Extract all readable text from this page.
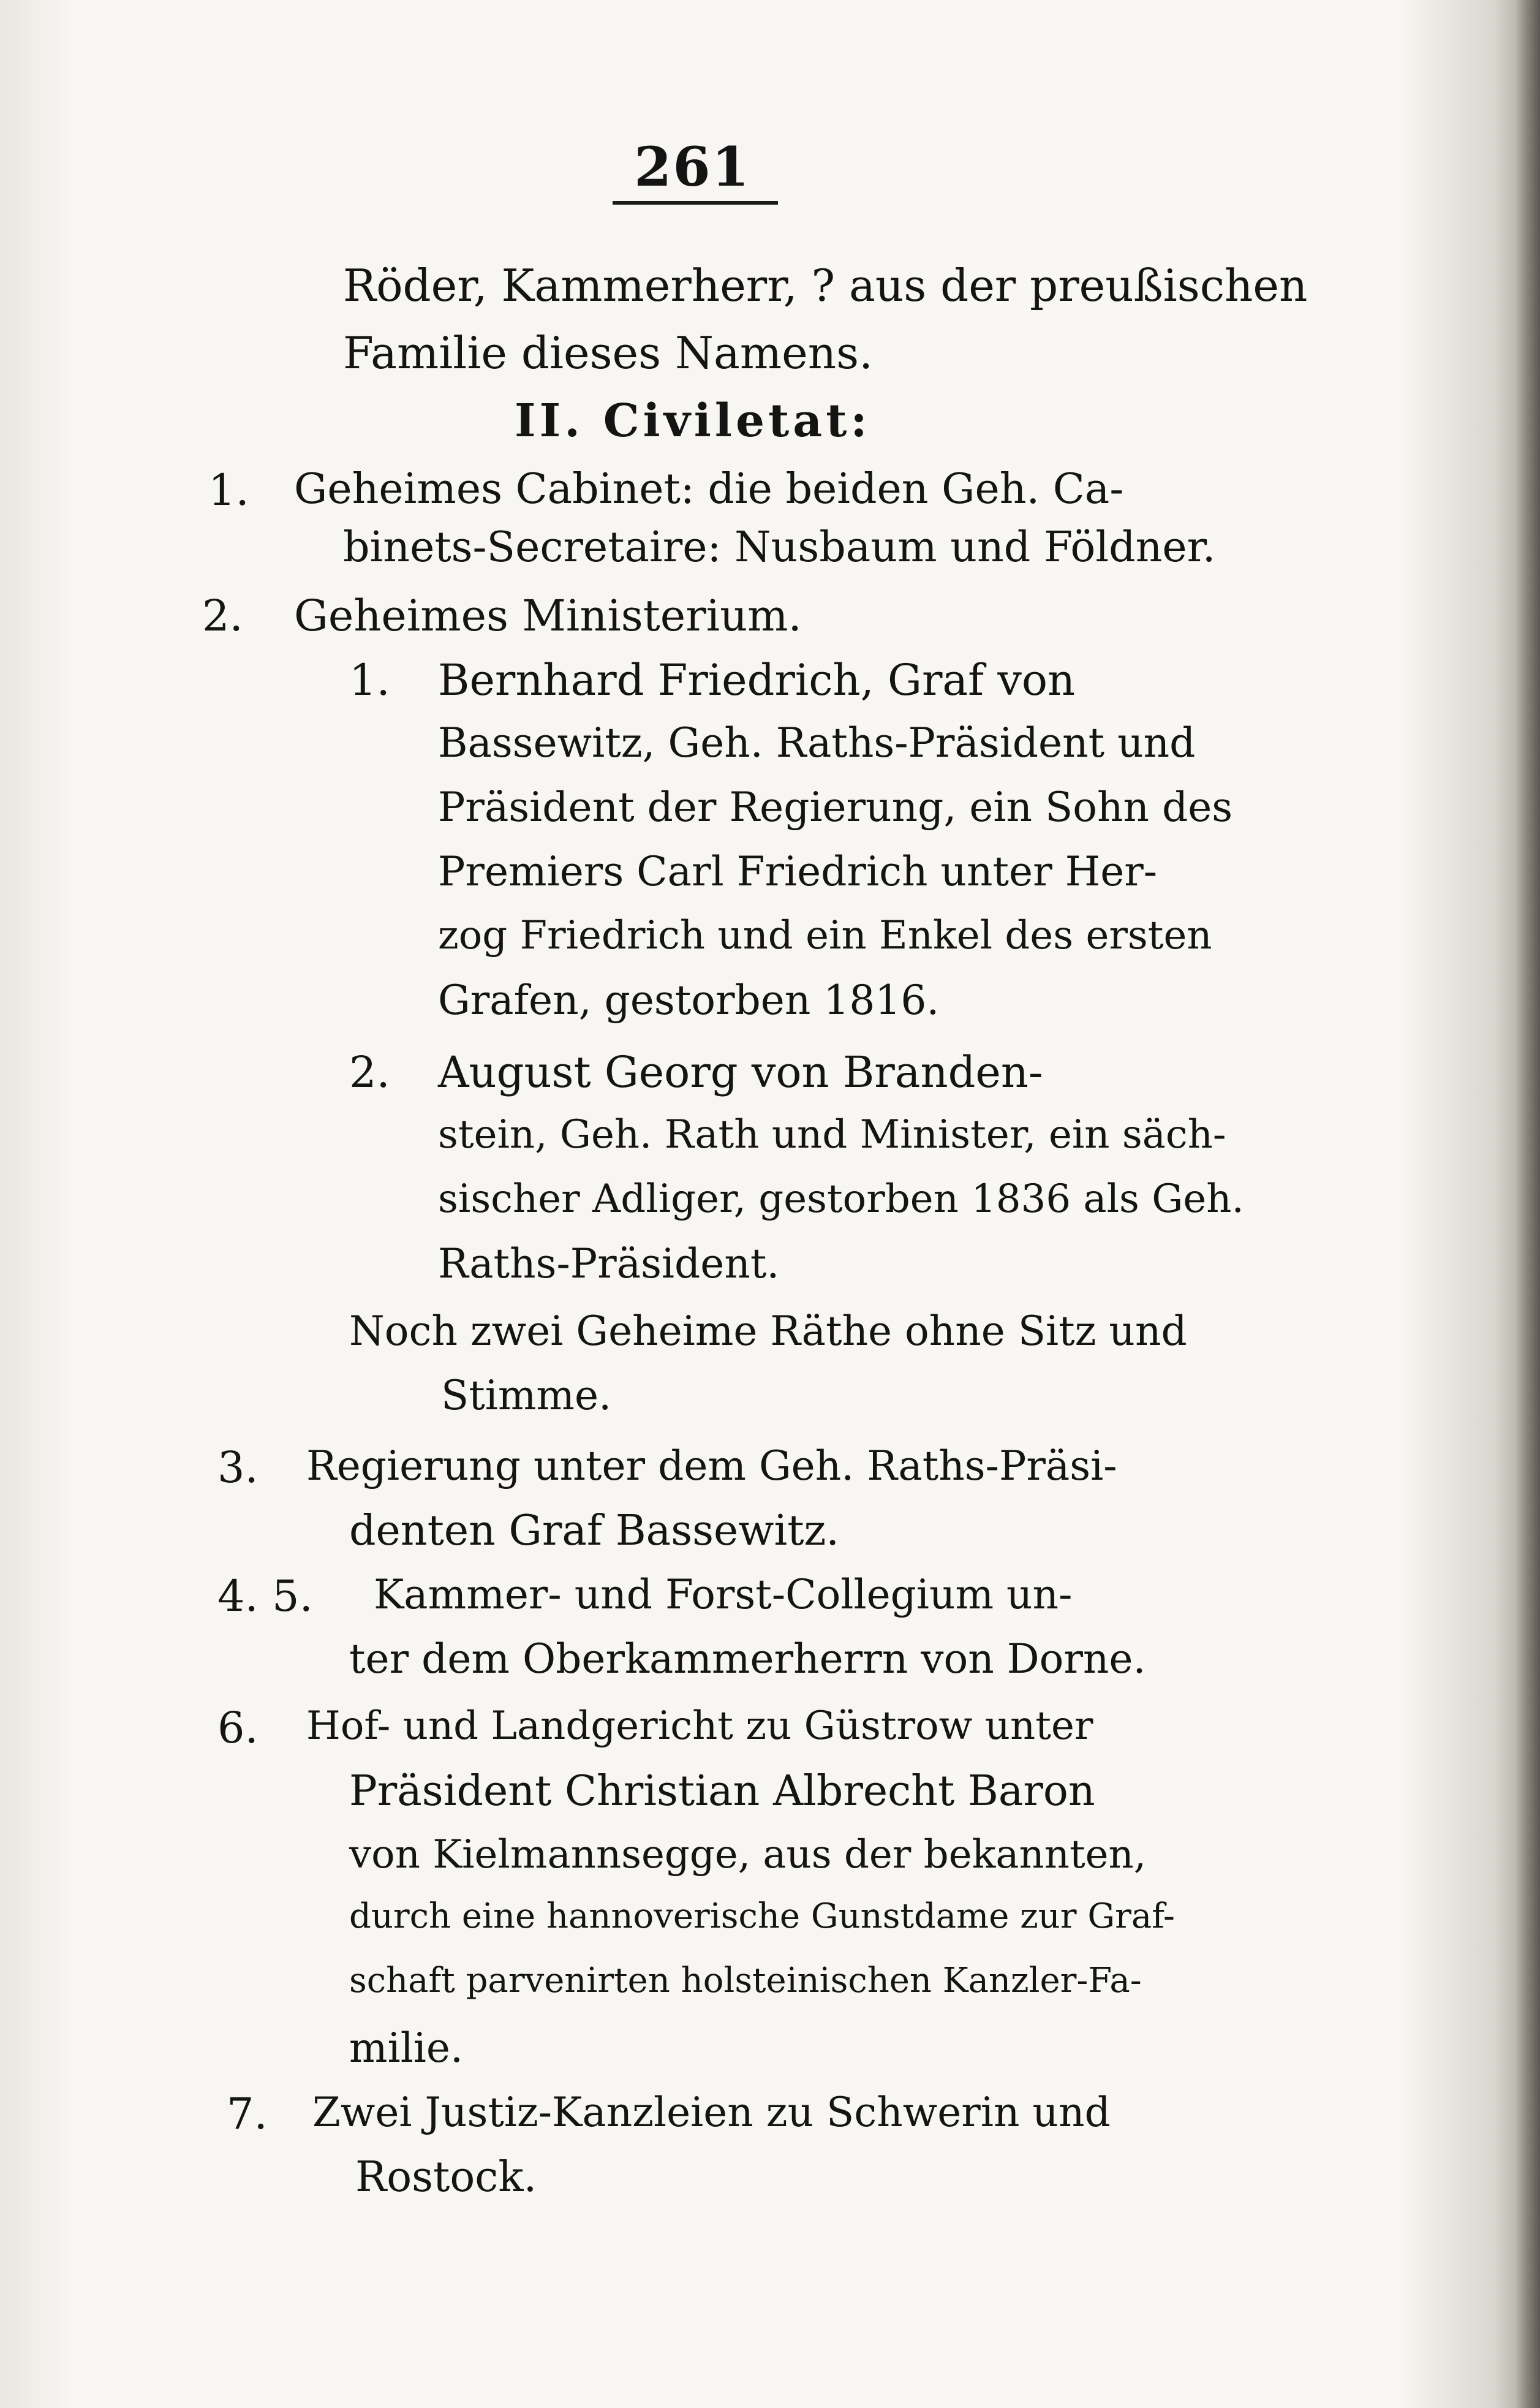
261
Röder, Kammerherr, ? aus der preußischen
Familie dieses Namens.
II. Civiletat:
1. Geheimes Cabinet: die beiden Geh. Ca-
binets-Secretaire: Nusbaum und Földner.
2. Geheimes Ministerium.
1. Bernhard Friedrich, Graf von
Bassewitz, Geh. Raths-Präsident und
Präsident der Regierung, ein Sohn des
Premiers Carl Friedrich unter Her-
zog Friedrich und ein Enkel des ersten
Grafen, gestorben 1816.
2. August Georg von Branden-
stein, Geh. Rath und Minister, ein säch-
sischer Adliger, gestorben 1836 als Geh.
Raths-Präsident.
Noch zwei Geheime Räthe ohne Sitz und
Stimme.
3. Regierung unter dem Geh. Raths-Präsi-
denten Graf Bassewitz.
4. 5. Kammer- und Forst-Collegium un-
ter dem Oberkammerherrn von Dorne.
6. Hof- und Landgericht zu Güstrow unter
Präsident Christian Albrecht Baron
von Kielmannsegge, aus der bekannten,
durch eine hannoverische Gunstdame zur Graf-
schaft parvenirten holsteinischen Kanzler-Fa-
milie.
7. Zwei Justiz-Kanzleien zu Schwerin und
Rostock.
